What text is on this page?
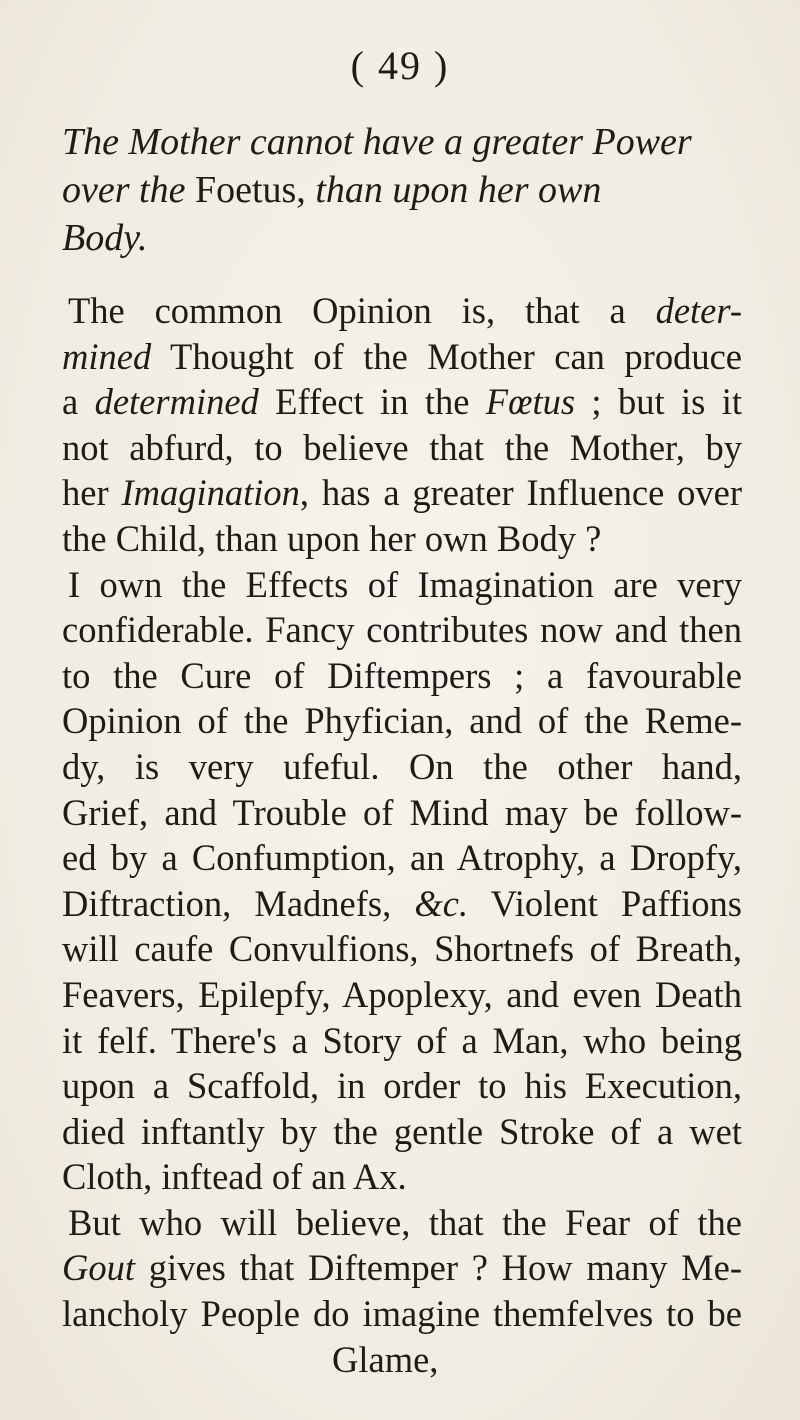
( 49 )
The Mother cannot have a greater Power
over the Foetus, than upon her own
Body.
The common Opinion is, that a deter-
mined Thought of the Mother can produce
a determined Effect in the Fœtus ; but is it
not abfurd, to believe that the Mother, by
her Imagination, has a greater Influence over
the Child, than upon her own Body ?
I own the Effects of Imagination are very
confiderable. Fancy contributes now and then
to the Cure of Diftempers ; a favourable
Opinion of the Phyfician, and of the Reme-
dy, is very ufeful. On the other hand,
Grief, and Trouble of Mind may be follow-
ed by a Confumption, an Atrophy, a Dropfy,
Diftraction, Madnefs, &c. Violent Paffions
will caufe Convulfions, Shortnefs of Breath,
Feavers, Epilepfy, Apoplexy, and even Death
it felf. There's a Story of a Man, who being
upon a Scaffold, in order to his Execution,
died inftantly by the gentle Stroke of a wet
Cloth, inftead of an Ax.
But who will believe, that the Fear of the
Gout gives that Diftemper ? How many Me-
lancholy People do imagine themfelves to be
Glame,
